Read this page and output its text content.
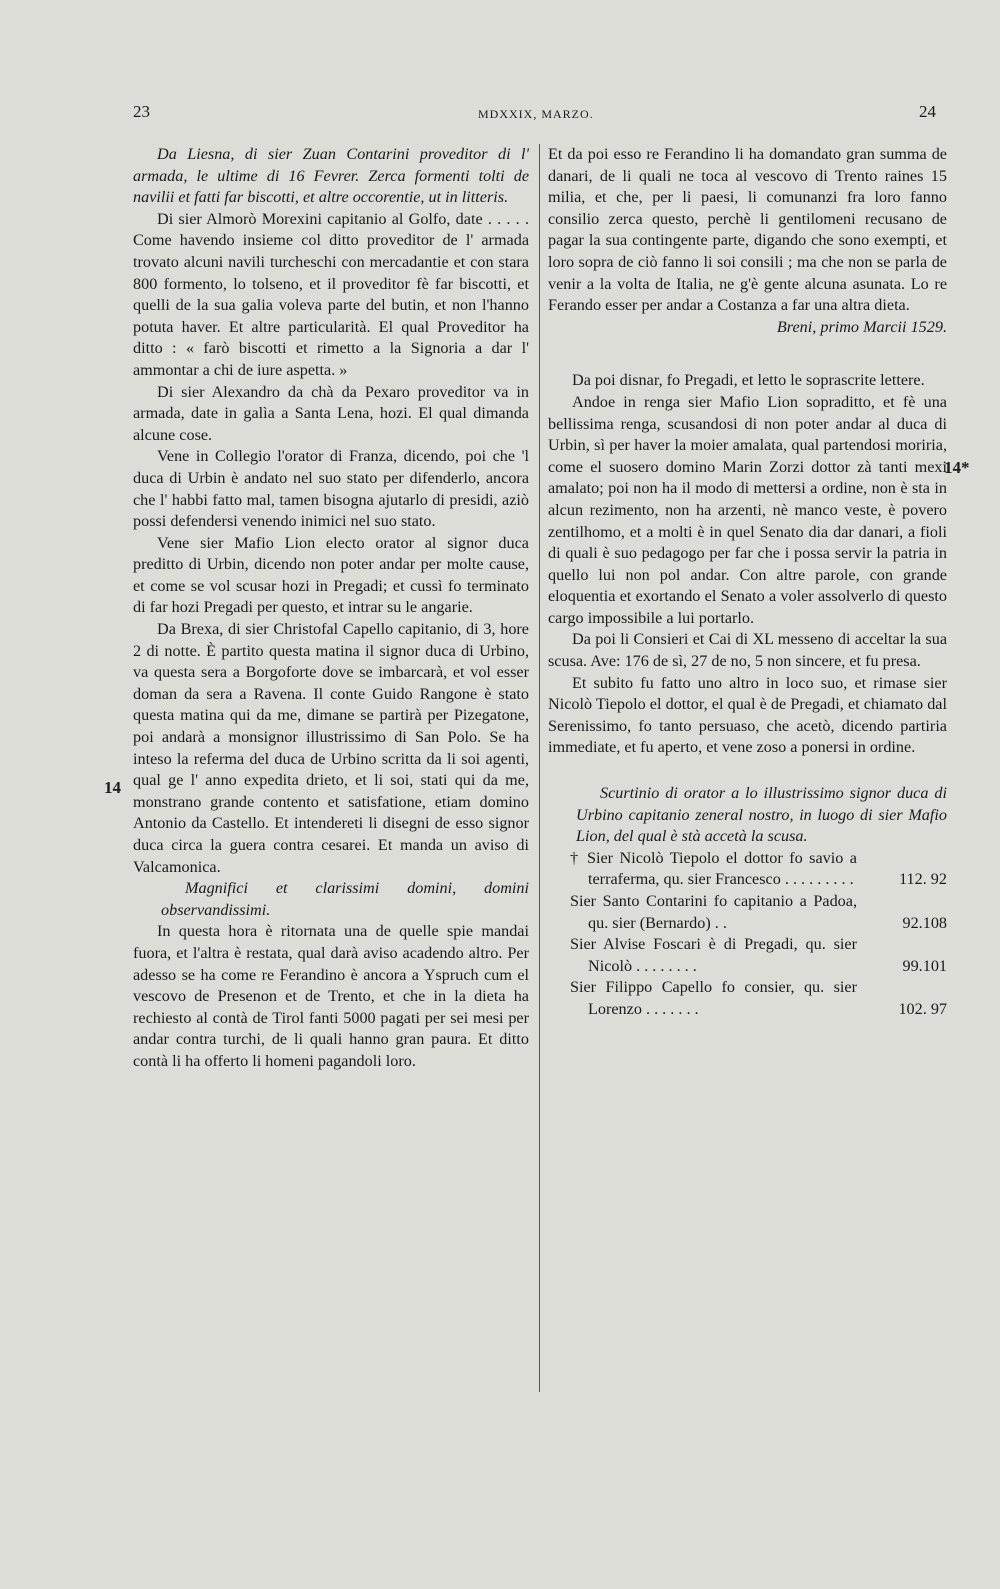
23	MDXXIX, MARZO.	24
14
14*

Da Liesna, di sier Zuan Contarini proveditor di l' armada, le ultime di 16 Fevrer. Zerca formenti tolti de navilii et fatti far biscotti, et altre occorentie, ut in litteris.

Di sier Almorò Morexini capitanio al Golfo, date . . . . . Come havendo insieme col ditto proveditor de l' armada trovato alcuni navili turcheschi con mercadantie et con stara 800 formento, lo tolseno, et il proveditor fè far biscotti, et quelli de la sua galia voleva parte del butin, et non l'hanno potuta haver. Et altre particularità. El qual Proveditor ha ditto : « farò biscotti et rimetto a la Signoria a dar l' ammontar a chi de iure aspetta. »

Di sier Alexandro da chà da Pexaro proveditor va in armada, date in galìa a Santa Lena, hozi. El qual dimanda alcune cose.

Vene in Collegio l'orator di Franza, dicendo, poi che 'l duca di Urbin è andato nel suo stato per difenderlo, ancora che l' habbi fatto mal, tamen bisogna ajutarlo di presidi, aziò possi defendersi venendo inimici nel suo stato.

Vene sier Mafio Lion electo orator al signor duca preditto di Urbin, dicendo non poter andar per molte cause, et come se vol scusar hozi in Pregadi; et cussì fo terminato di far hozi Pregadi per questo, et intrar su le angarie.

Da Brexa, di sier Christofal Capello capitanio, di 3, hore 2 di notte. È partito questa matina il signor duca di Urbino, va questa sera a Borgoforte dove se imbarcarà, et vol esser doman da sera a Ravena. Il conte Guido Rangone è stato questa matina qui da me, dimane se partirà per Pizegatone, poi andarà a monsignor illustrissimo di San Polo. Se ha inteso la referma del duca de Urbino scritta da li soi agenti, qual ge l' anno expedita drieto, et li soi, stati qui da me, monstrano grande contento et satisfatione, etiam domino Antonio da Castello. Et intendereti li disegni de esso signor duca circa la guera contra cesarei. Et manda un aviso di Valcamonica.

Magnifici et clarissimi domini, domini observandissimi.

In questa hora è ritornata una de quelle spie mandai fuora, et l'altra è restata, qual darà aviso acadendo altro. Per adesso se ha come re Ferandino è ancora a Yspruch cum el vescovo de Presenon et de Trento, et che in la dieta ha rechiesto al contà de Tirol fanti 5000 pagati per sei mesi per andar contra turchi, de li quali hanno gran paura. Et ditto contà li ha offerto li homeni pagandoli loro.

Et da poi esso re Ferandino li ha domandato gran summa de danari, de li quali ne toca al vescovo di Trento raines 15 milia, et che, per li paesi, li comunanzi fra loro fanno consilio zerca questo, perchè li gentilomeni recusano de pagar la sua contingente parte, digando che sono exempti, et loro sopra de ciò fanno li soi consili ; ma che non se parla de venir a la volta de Italia, ne g'è gente alcuna asunata. Lo re Ferando esser per andar a Costanza a far una altra dieta.

Breni, primo Marcii 1529.

Da poi disnar, fo Pregadi, et letto le soprascrite lettere.

Andoe in renga sier Mafio Lion sopraditto, et fè una bellissima renga, scusandosi di non poter andar al duca di Urbin, sì per haver la moier amalata, qual partendosi moriria, come el suosero domino Marin Zorzi dottor zà tanti mexi amalato; poi non ha il modo di mettersi a ordine, non è sta in alcun rezimento, non ha arzenti, nè manco veste, è povero zentilhomo, et a molti è in quel Senato dia dar danari, a fioli di quali è suo pedagogo per far che i possa servir la patria in quello lui non pol andar. Con altre parole, con grande eloquentia et exortando el Senato a voler assolverlo di questo cargo impossibile a lui portarlo.

Da poi li Consieri et Cai di XL messeno di acceltar la sua scusa. Ave: 176 de sì, 27 de no, 5 non sincere, et fu presa.

Et subito fu fatto uno altro in loco suo, et rimase sier Nicolò Tiepolo el dottor, el qual è de Pregadi, et chiamato dal Serenissimo, fo tanto persuaso, che acetò, dicendo partiria immediate, et fu aperto, et vene zoso a ponersi in ordine.

Scurtinio di orator a lo illustrissimo signor duca di Urbino capitanio zeneral nostro, in luogo di sier Mafio Lion, del qual è stà accetà la scusa.

† Sier Nicolò Tiepolo el dottor fo savio a terraferma, qu. sier Francesco . . . . . . . . .	112. 92
Sier Santo Contarini fo capitanio a Padoa, qu. sier (Bernardo) . .	92.108
Sier Alvise Foscari è di Pregadi, qu. sier Nicolò . . . . . . . .	99.101
Sier Filippo Capello fo consier, qu. sier Lorenzo . . . . . . .	102. 97
